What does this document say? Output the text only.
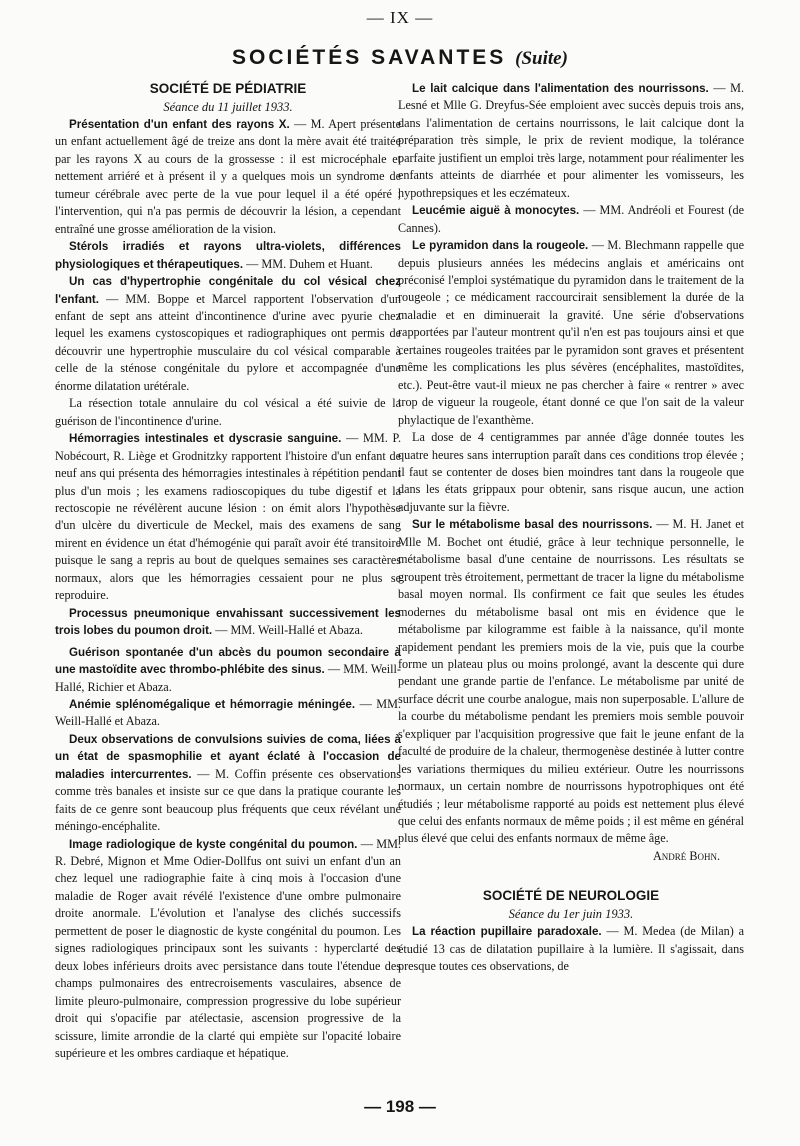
— IX —
SOCIÉTÉS SAVANTES (Suite)

SOCIÉTÉ DE PÉDIATRIE

Séance du 11 juillet 1933.

Présentation d'un enfant des rayons X. — M. Apert présente un enfant actuellement âgé de treize ans dont la mère avait été traitée par les rayons X au cours de la grossesse : il est microcéphale et nettement arriéré et à présent il y a quelques mois un syndrome de tumeur cérébrale avec perte de la vue pour lequel il a été opéré ; l'intervention, qui n'a pas permis de découvrir la lésion, a cependant entraîné une grosse amélioration de la vision.

Stérols irradiés et rayons ultra-violets, différences physiologiques et thérapeutiques. — MM. Duhem et Huant.

Un cas d'hypertrophie congénitale du col vésical chez l'enfant. — MM. Boppe et Marcel rapportent l'observation d'un enfant de sept ans atteint d'incontinence d'urine avec pyurie chez lequel les examens cystoscopiques et radiographiques ont permis de découvrir une hypertrophie musculaire du col vésical comparable à celle de la sténose congénitale du pylore et accompagnée d'une énorme dilatation urétérale.

La résection totale annulaire du col vésical a été suivie de la guérison de l'incontinence d'urine.

Hémorragies intestinales et dyscrasie sanguine. — MM. P. Nobécourt, R. Liège et Grodnitzky rapportent l'histoire d'un enfant de neuf ans qui présenta des hémorragies intestinales à répétition pendant plus d'un mois ; les examens radioscopiques du tube digestif et la rectoscopie ne révélèrent aucune lésion : on émit alors l'hypothèse d'un ulcère du diverticule de Meckel, mais des examens de sang mirent en évidence un état d'hémogénie qui paraît avoir été transitoire puisque le sang a repris au bout de quelques semaines ses caractères normaux, alors que les hémorragies cessaient pour ne plus se reproduire.

Processus pneumonique envahissant successivement les trois lobes du poumon droit. — MM. Weill-Hallé et Abaza.

Guérison spontanée d'un abcès du poumon secondaire à une mastoïdite avec thrombo-phlébite des sinus. — MM. Weill-Hallé, Richier et Abaza.

Anémie splénomégalique et hémorragie méningée. — MM. Weill-Hallé et Abaza.

Deux observations de convulsions suivies de coma, liées à un état de spasmophilie et ayant éclaté à l'occasion de maladies intercurrentes. — M. Coffin présente ces observations comme très banales et insiste sur ce que dans la pratique courante les faits de ce genre sont beaucoup plus fréquents que ceux révélant une méningo-encéphalite.

Image radiologique de kyste congénital du poumon. — MM. R. Debré, Mignon et Mme Odier-Dollfus ont suivi un enfant d'un an chez lequel une radiographie faite à cinq mois à l'occasion d'une maladie de Roger avait révélé l'existence d'une ombre pulmonaire droite anormale. L'évolution et l'analyse des clichés successifs permettent de poser le diagnostic de kyste congénital du poumon. Les signes radiologiques principaux sont les suivants : hyperclarté des deux lobes inférieurs droits avec persistance dans toute l'étendue des champs pulmonaires des entrecroisements vasculaires, absence de limite pleuro-pulmonaire, compression progressive du lobe supérieur droit qui s'opacifie par atélectasie, ascension progressive de la scissure, limite arrondie de la clarté qui empiète sur l'opacité lobaire supérieure et les ombres cardiaque et hépatique.

Le lait calcique dans l'alimentation des nourrissons. — M. Lesné et Mlle G. Dreyfus-Sée emploient avec succès depuis trois ans, dans l'alimentation de certains nourrissons, le lait calcique dont la préparation très simple, le prix de revient modique, la tolérance parfaite justifient un emploi très large, notamment pour réalimenter les enfants atteints de diarrhée et pour alimenter les vomisseurs, les hypothrepsiques et les eczémateux.

Leucémie aiguë à monocytes. — MM. Andréoli et Fourest (de Cannes).

Le pyramidon dans la rougeole. — M. Blechmann rappelle que depuis plusieurs années les médecins anglais et américains ont préconisé l'emploi systématique du pyramidon dans le traitement de la rougeole ; ce médicament raccourcirait sensiblement la durée de la maladie et en diminuerait la gravité. Une série d'observations rapportées par l'auteur montrent qu'il n'en est pas toujours ainsi et que certaines rougeoles traitées par le pyramidon sont graves et présentent même les complications les plus sévères (encéphalites, mastoïdites, etc.). Peut-être vaut-il mieux ne pas chercher à faire « rentrer » avec trop de vigueur la rougeole, étant donné ce que l'on sait de la valeur phylactique de l'exanthème.

La dose de 4 centigrammes par année d'âge donnée toutes les quatre heures sans interruption paraît dans ces conditions trop élevée ; il faut se contenter de doses bien moindres tant dans la rougeole que dans les états grippaux pour obtenir, sans risque aucun, une action adjuvante sur la fièvre.

Sur le métabolisme basal des nourrissons. — M. H. Janet et Mlle M. Bochet ont étudié, grâce à leur technique personnelle, le métabolisme basal d'une centaine de nourrissons. Les résultats se groupent très étroitement, permettant de tracer la ligne du métabolisme basal moyen normal. Ils confirment ce fait que seules les études modernes du métabolisme basal ont mis en évidence que le métabolisme par kilogramme est faible à la naissance, qu'il monte rapidement pendant les premiers mois de la vie, puis que la courbe forme un plateau plus ou moins prolongé, avant la descente qui dure pendant une grande partie de l'enfance. Le métabolisme par unité de surface décrit une courbe analogue, mais non superposable. L'allure de la courbe du métabolisme pendant les premiers mois semble pouvoir s'expliquer par l'acquisition progressive que fait le jeune enfant de la faculté de produire de la chaleur, thermogenèse destinée à lutter contre les variations thermiques du milieu extérieur. Outre les nourrissons normaux, un certain nombre de nourrissons hypotrophiques ont été étudiés ; leur métabolisme rapporté au poids est nettement plus élevé que celui des enfants normaux de même poids ; il est même en général plus élevé que celui des enfants normaux de même âge.

André Bohn.

SOCIÉTÉ DE NEUROLOGIE

Séance du 1er juin 1933.

La réaction pupillaire paradoxale. — M. Medea (de Milan) a étudié 13 cas de dilatation pupillaire à la lumière. Il s'agissait, dans presque toutes ces observations, de

— 198 —
